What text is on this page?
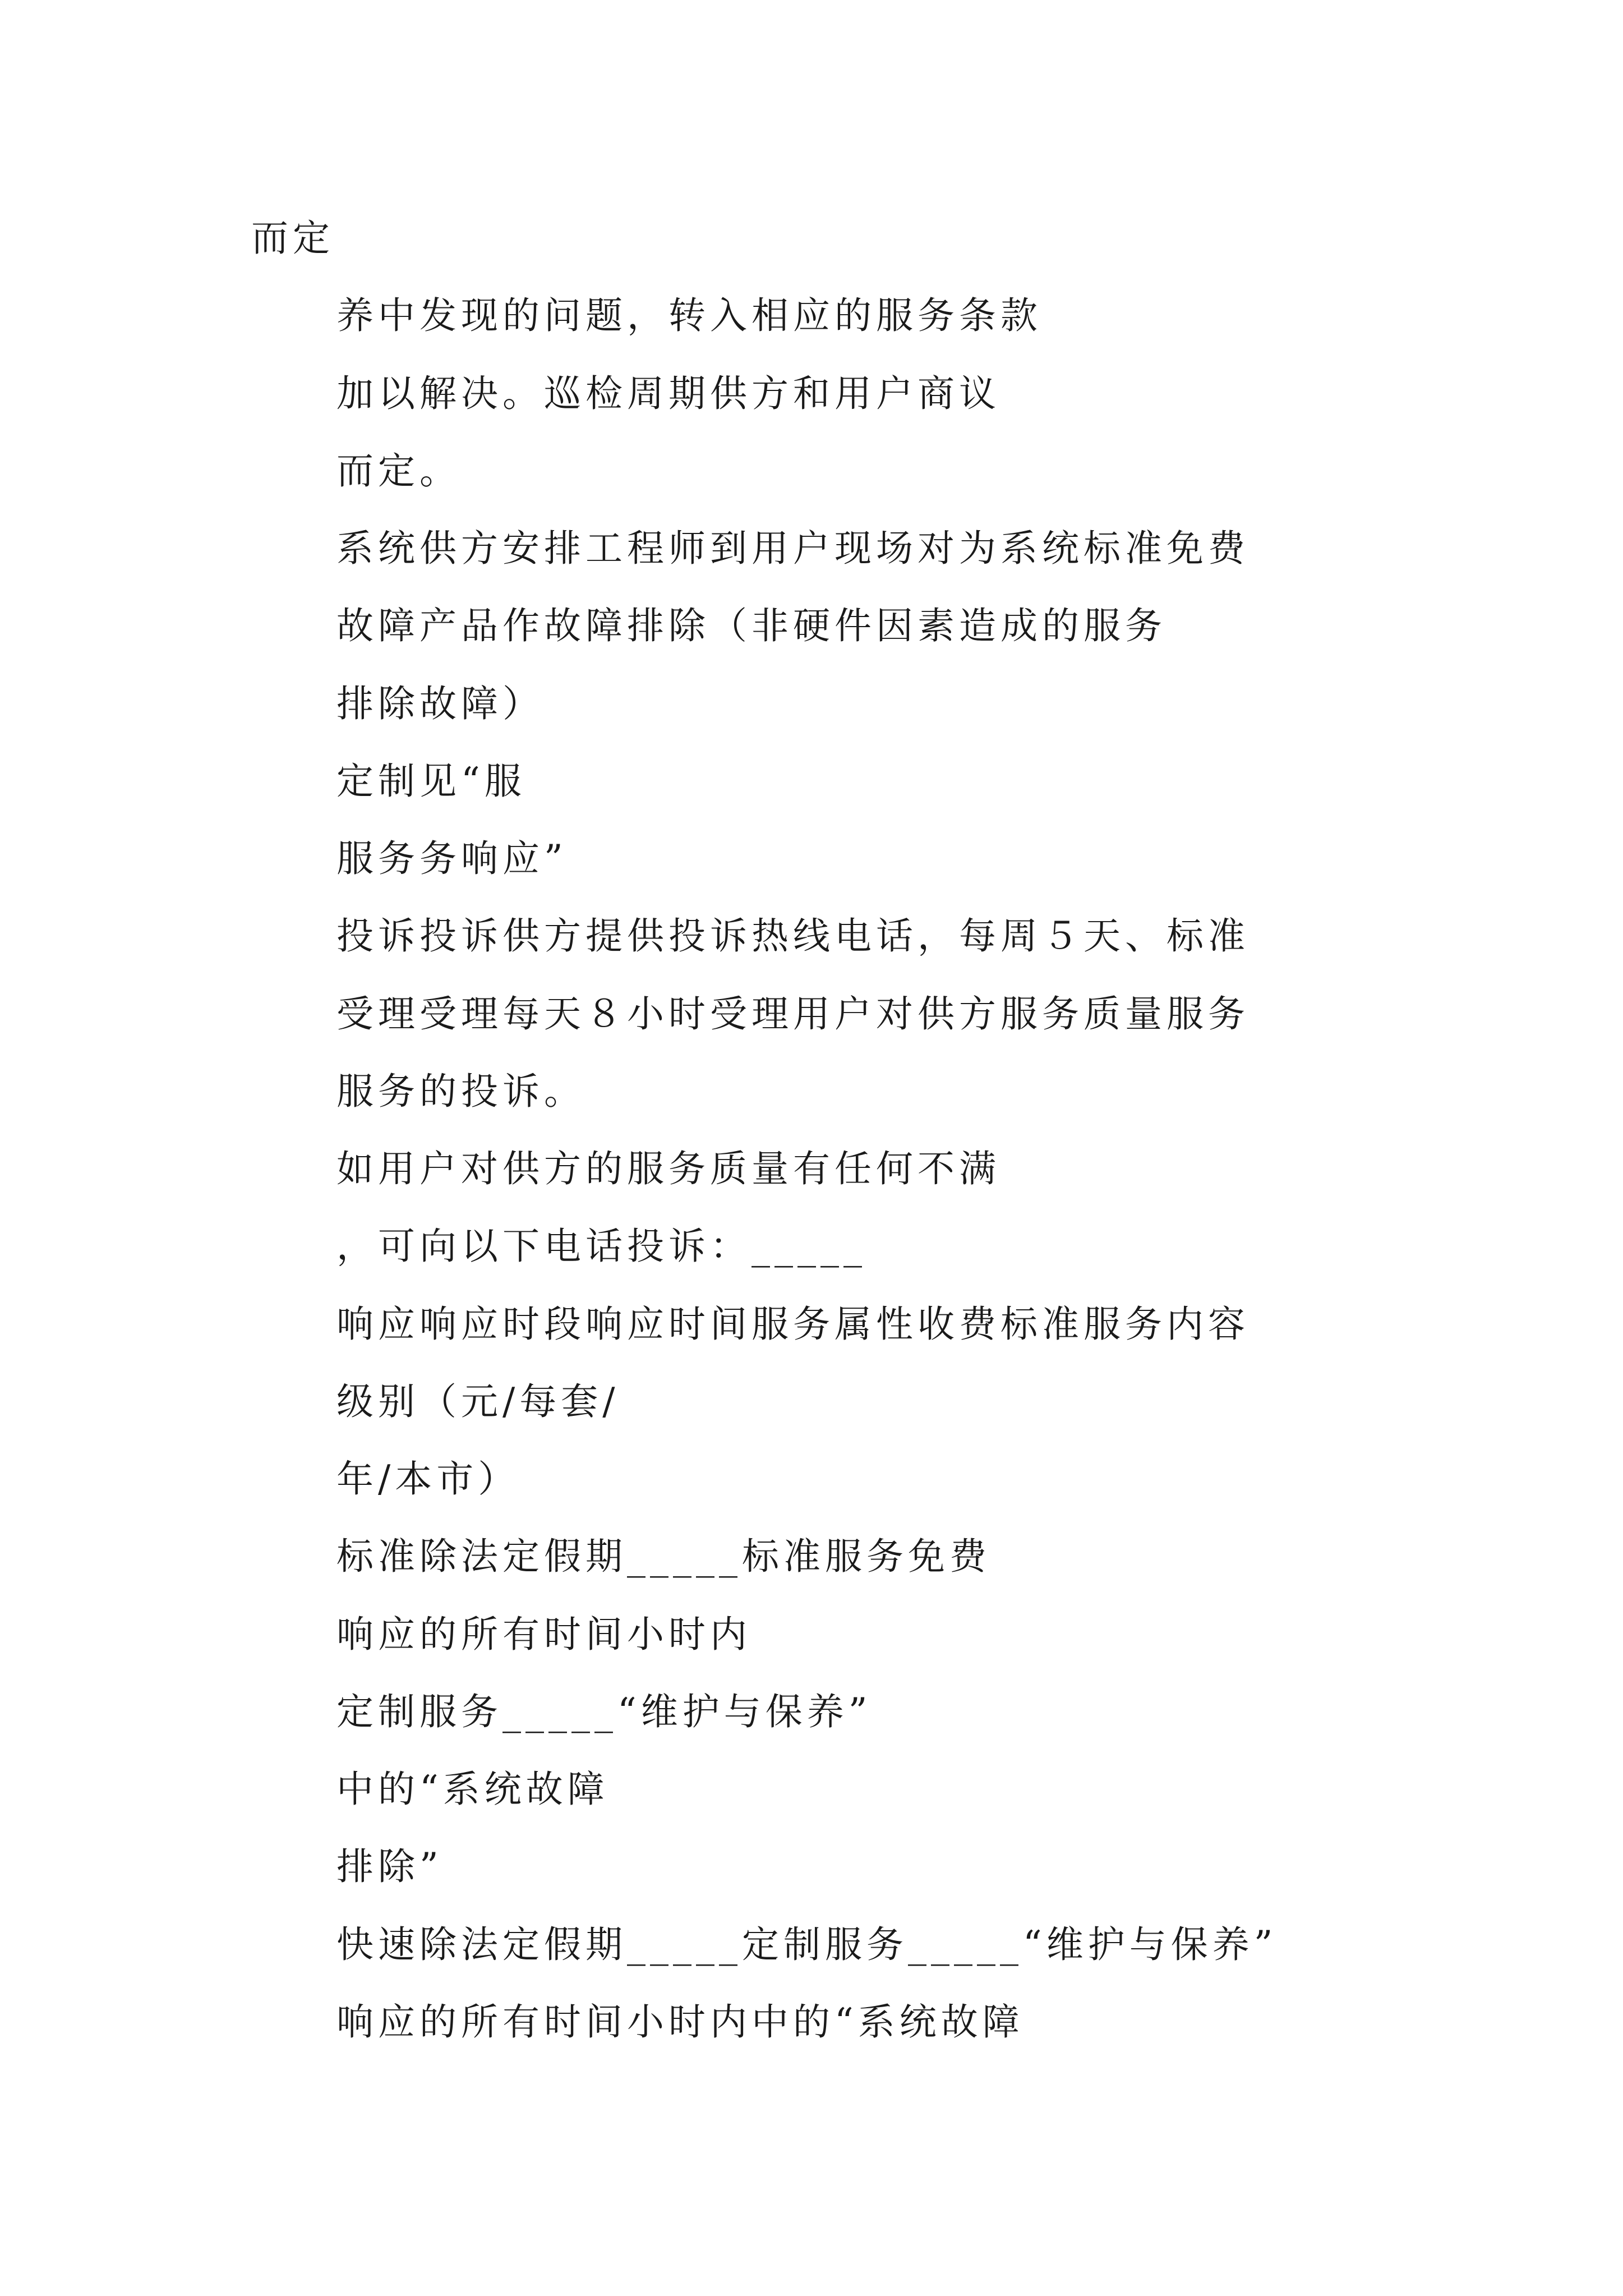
而定
养中发现的问题，转入相应的服务条款
加以解决。巡检周期供方和用户商议
而定。
系统供方安排工程师到用户现场对为系统标准免费
故障产品作故障排除（非硬件因素造成的服务
排除故障）
定制见“服
服务务响应”
投诉投诉供方提供投诉热线电话，每周５天、标准
受理受理每天８小时受理用户对供方服务质量服务
服务的投诉。
如用户对供方的服务质量有任何不满
，可向以下电话投诉：_____
响应响应时段响应时间服务属性收费标准服务内容
级别（元/每套/
年/本市）
标准除法定假期_____标准服务免费
响应的所有时间小时内
定制服务_____“维护与保养”
中的“系统故障
排除”
快速除法定假期_____定制服务_____“维护与保养”
响应的所有时间小时内中的“系统故障
